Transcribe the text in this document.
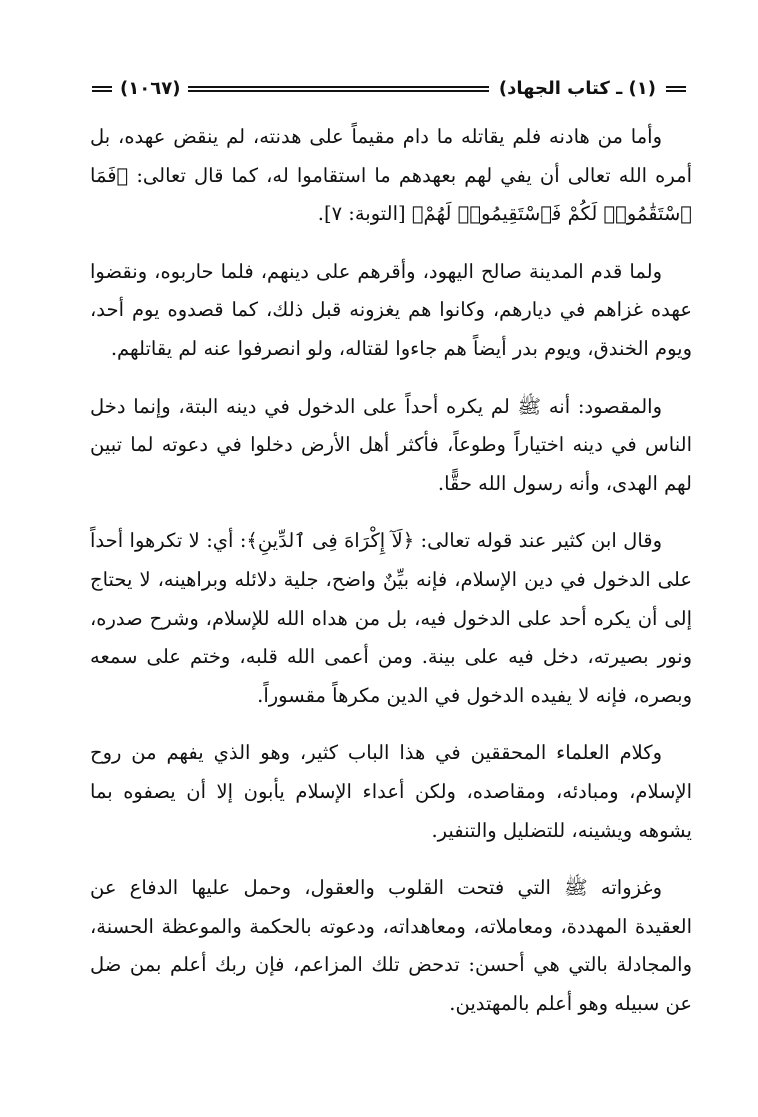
(١) ـ كتاب الجهاد)
(١٠٦٧)

وأما من هادنه فلم يقاتله ما دام مقيماً على هدنته، لم ينقض عهده، بل أمره الله تعالى أن يفي لهم بعهدهم ما استقاموا له، كما قال تعالى: ﴿فَمَا ٱسْتَقَٰمُوا۟ لَكُمْ فَٱسْتَقِيمُوا۟ لَهُمْ﴾ [التوبة: ٧].

ولما قدم المدينة صالح اليهود، وأقرهم على دينهم، فلما حاربوه، ونقضوا عهده غزاهم في ديارهم، وكانوا هم يغزونه قبل ذلك، كما قصدوه يوم أحد، ويوم الخندق، ويوم بدر أيضاً هم جاءوا لقتاله، ولو انصرفوا عنه لم يقاتلهم.

والمقصود: أنه ﷺ لم يكره أحداً على الدخول في دينه البتة، وإنما دخل الناس في دينه اختياراً وطوعاً، فأكثر أهل الأرض دخلوا في دعوته لما تبين لهم الهدى، وأنه رسول الله حقًّا.

وقال ابن كثير عند قوله تعالى: ﴿لَآ إِكْرَاهَ فِى ٱلدِّينِ﴾: أي: لا تكرهوا أحداً على الدخول في دين الإسلام، فإنه بيِّنٌ واضح، جلية دلائله وبراهينه، لا يحتاج إلى أن يكره أحد على الدخول فيه، بل من هداه الله للإسلام، وشرح صدره، ونور بصيرته، دخل فيه على بينة. ومن أعمى الله قلبه، وختم على سمعه وبصره، فإنه لا يفيده الدخول في الدين مكرهاً مقسوراً.

وكلام العلماء المحققين في هذا الباب كثير، وهو الذي يفهم من روح الإسلام، ومبادئه، ومقاصده، ولكن أعداء الإسلام يأبون إلا أن يصفوه بما يشوهه ويشينه، للتضليل والتنفير.

وغزواته ﷺ التي فتحت القلوب والعقول، وحمل عليها الدفاع عن العقيدة المهددة، ومعاملاته، ومعاهداته، ودعوته بالحكمة والموعظة الحسنة، والمجادلة بالتي هي أحسن: تدحض تلك المزاعم، فإن ربك أعلم بمن ضل عن سبيله وهو أعلم بالمهتدين.
